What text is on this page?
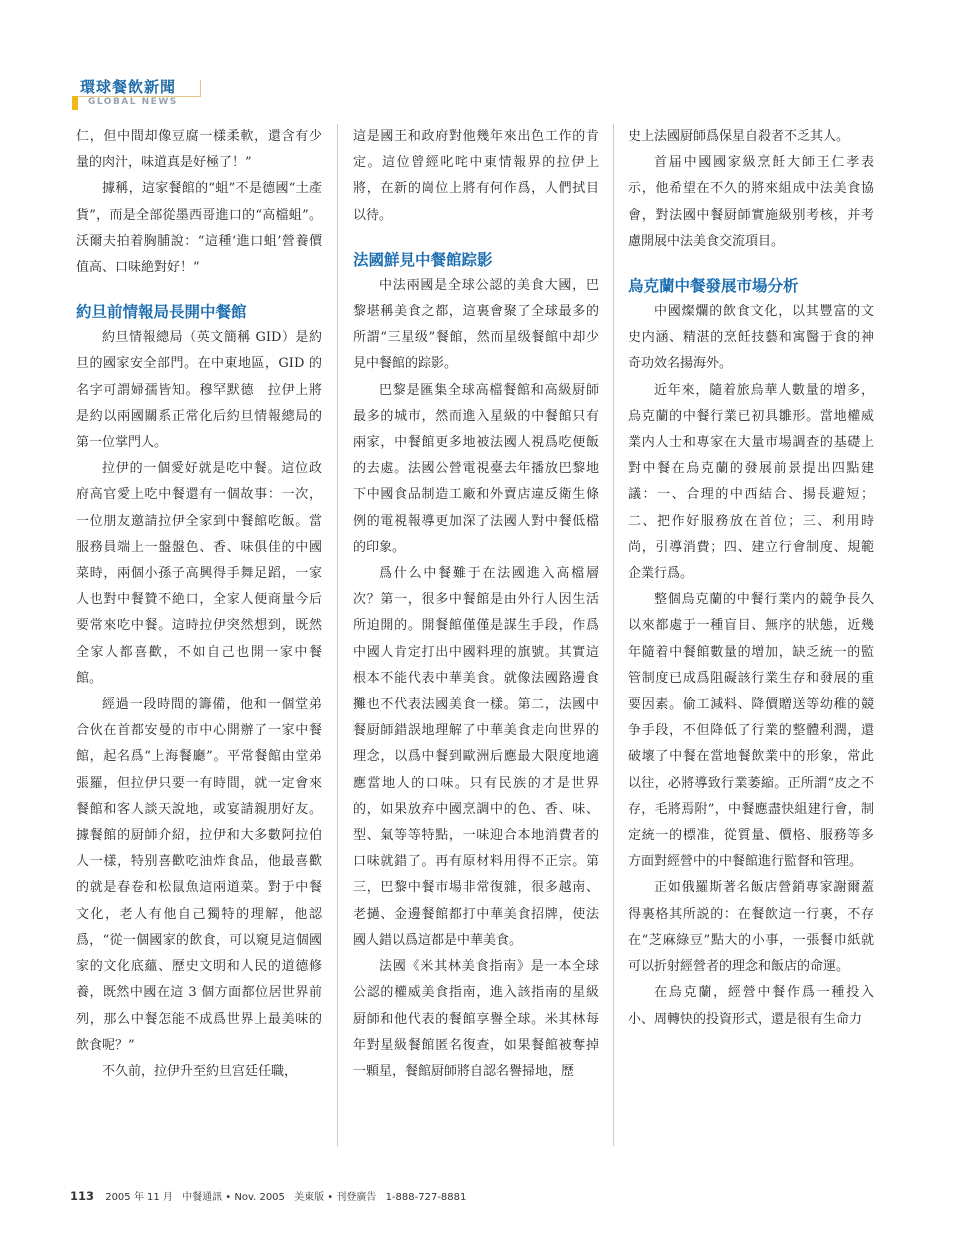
環球餐飲新聞
GLOBAL NEWS

仁，但中間却像豆腐一樣柔軟，還含有少量的肉汁，味道真是好極了！”

據稱，這家餐館的“蛆”不是德國“土產貨”，而是全部從墨西哥進口的“高檔蛆”。沃爾夫拍着胸脯說：“這種‘進口蛆’營養價值高、口味絶對好！”

約旦前情報局長開中餐館

約旦情報總局（英文簡稱 GID）是約旦的國家安全部門。在中東地區，GID 的名字可謂婦孺皆知。穆罕默德　拉伊上將是約以兩國關系正常化后約旦情報總局的第一位掌門人。

拉伊的一個愛好就是吃中餐。這位政府高官愛上吃中餐還有一個故事：一次，一位朋友邀請拉伊全家到中餐館吃飯。當服務員端上一盤盤色、香、味俱佳的中國菜時，兩個小孫子高興得手舞足蹈，一家人也對中餐贊不絶口，全家人便商量今后要常來吃中餐。這時拉伊突然想到，既然全家人都喜歡，不如自己也開一家中餐館。

經過一段時間的籌備，他和一個堂弟合伙在首都安曼的市中心開辦了一家中餐館，起名爲“上海餐廳”。平常餐館由堂弟張羅，但拉伊只要一有時間，就一定會來餐館和客人談天說地，或宴請親朋好友。據餐館的厨師介紹，拉伊和大多數阿拉伯人一樣，特别喜歡吃油炸食品，他最喜歡的就是春卷和松鼠魚這兩道菜。對于中餐文化，老人有他自己獨特的理解，他認爲，“從一個國家的飲食，可以窺見這個國家的文化底蘊、歷史文明和人民的道德修養，既然中國在這 3 個方面都位居世界前列，那么中餐怎能不成爲世界上最美味的飲食呢？”

不久前，拉伊升至約旦宫廷任職，

這是國王和政府對他幾年來出色工作的肯定。這位曾經叱咤中東情報界的拉伊上將，在新的崗位上將有何作爲，人們拭目以待。

法國鮮見中餐館踪影

中法兩國是全球公認的美食大國，巴黎堪稱美食之都，這裏會聚了全球最多的所謂“三星级”餐館，然而星级餐館中却少見中餐館的踪影。

巴黎是匯集全球高檔餐館和高級厨師最多的城市，然而進入星級的中餐館只有兩家，中餐館更多地被法國人視爲吃便飯的去處。法國公營電視臺去年播放巴黎地下中國食品制造工廠和外賣店違反衛生條例的電視報導更加深了法國人對中餐低檔的印象。

爲什么中餐難于在法國進入高檔層次？第一，很多中餐館是由外行人因生活所迫開的。開餐館僅僅是謀生手段，作爲中國人肯定打出中國料理的旗號。其實這根本不能代表中華美食。就像法國路邊食攤也不代表法國美食一樣。第二，法國中餐厨師錯誤地理解了中華美食走向世界的理念，以爲中餐到歐洲后應最大限度地適應當地人的口味。只有民族的才是世界的，如果放弃中國烹調中的色、香、味、型、氣等等特點，一味迎合本地消費者的口味就錯了。再有原材料用得不正宗。第三，巴黎中餐市場非常復雜，很多越南、老撾、金邊餐館都打中華美食招牌，使法國人錯以爲這都是中華美食。

法國《米其林美食指南》是一本全球公認的權威美食指南，進入該指南的星級厨師和他代表的餐館享譽全球。米其林每年對星級餐館匿名復查，如果餐館被奪掉一顆星，餐館厨師將自認名譽掃地，歷

史上法國厨師爲保星自殺者不乏其人。

首届中國國家級烹飪大師王仁孝表示，他希望在不久的將來組成中法美食協會，對法國中餐厨師實施級别考核，并考慮開展中法美食交流項目。

烏克蘭中餐發展市場分析

中國燦爛的飲食文化，以其豐富的文史内涵、精湛的烹飪技藝和寓醫于食的神奇功效名揚海外。

近年來，隨着旅烏華人數量的增多，烏克蘭的中餐行業已初具雛形。當地權威業内人士和專家在大量市場調查的基礎上對中餐在烏克蘭的發展前景提出四點建議：一、合理的中西結合、揚長避短；二、把作好服務放在首位；三、利用時尚，引導消費；四、建立行會制度、規範企業行爲。

整個烏克蘭的中餐行業内的競争長久以來都處于一種盲目、無序的狀態，近幾年隨着中餐館數量的增加，缺乏統一的監管制度已成爲阻礙該行業生存和發展的重要因素。偷工減料、降價贈送等幼稚的競争手段，不但降低了行業的整體利潤，還破壞了中餐在當地餐飲業中的形象，常此以往，必將導致行業萎縮。正所謂“皮之不存，毛將焉附”，中餐應盡快組建行會，制定統一的標准，從質量、價格、服務等多方面對經營中的中餐館進行監督和管理。

正如俄羅斯著名飯店營銷專家謝爾蓋　得裏格其所説的：在餐飲這一行裏，不存在“芝麻綠豆”點大的小事，一張餐巾紙就可以折射經營者的理念和飯店的命運。

在烏克蘭，經營中餐作爲一種投入小、周轉快的投資形式，還是很有生命力

113 2005 年 11 月 中餐通訊 • Nov. 2005 美東版 • 刊登廣告 1-888-727-8881
